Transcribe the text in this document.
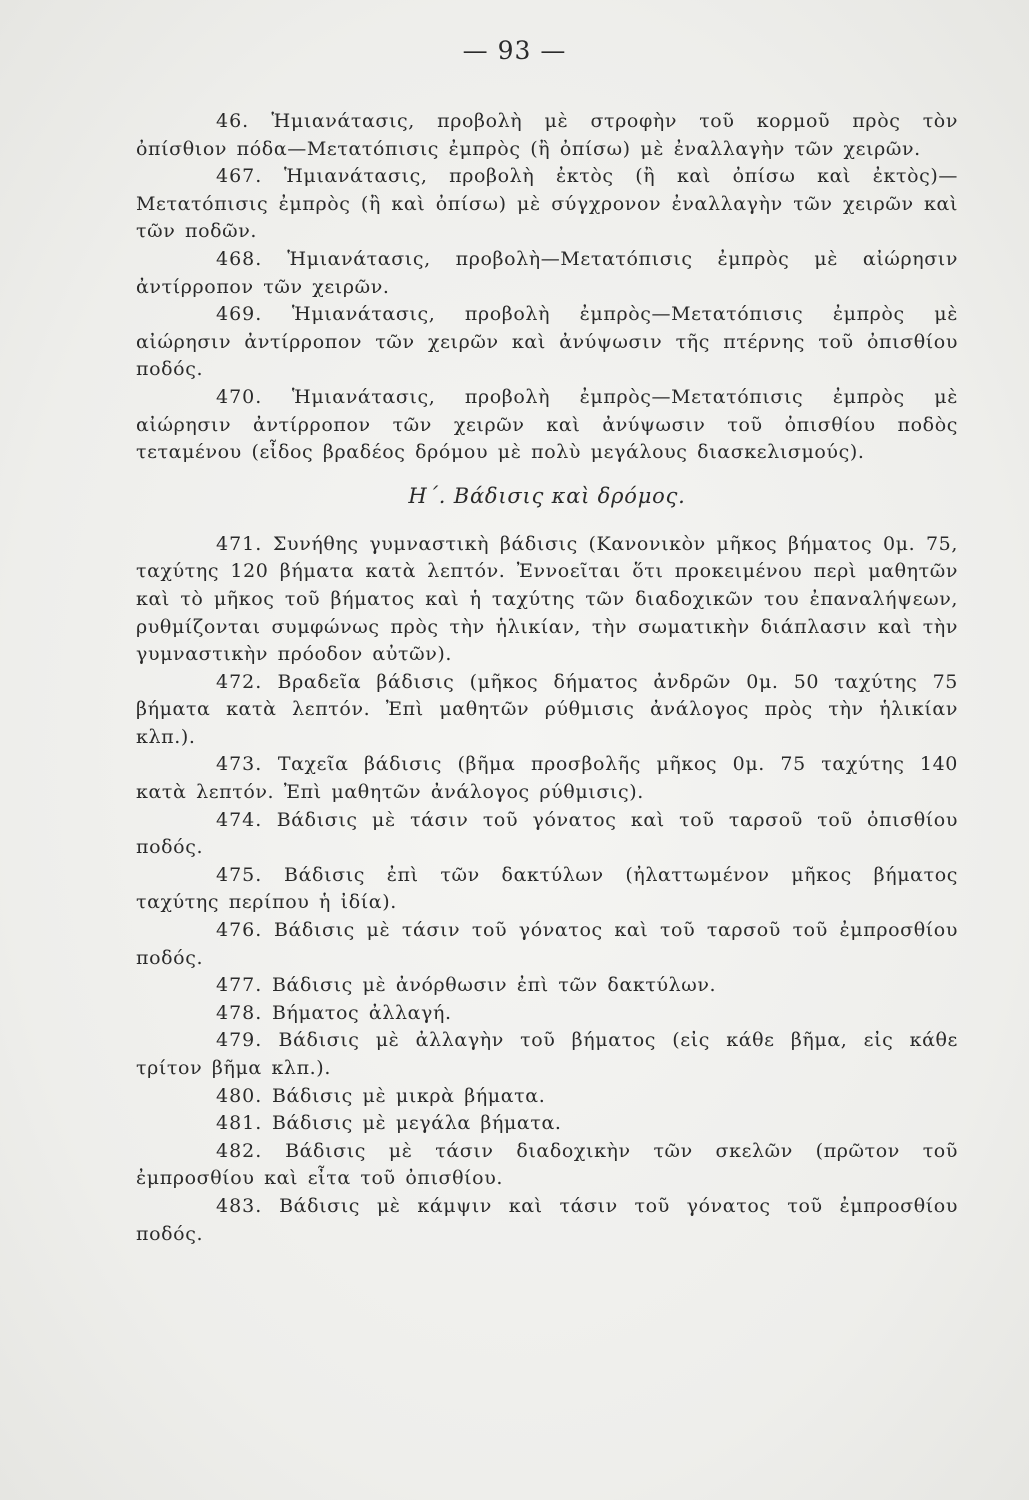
— 93 —

46. Ἡμιανάτασις, προβολὴ μὲ στροφὴν τοῦ κορμοῦ πρὸς τὸν ὀπίσθιον πόδα—Μετατόπισις ἐμπρὸς (ἢ ὀπίσω) μὲ ἐναλλαγὴν τῶν χειρῶν.

467. Ἡμιανάτασις, προβολὴ ἐκτὸς (ἢ καὶ ὀπίσω καὶ ἐκτὸς)—Μετατόπισις ἐμπρὸς (ἢ καὶ ὀπίσω) μὲ σύγχρονον ἐναλλαγὴν τῶν χειρῶν καὶ τῶν ποδῶν.

468. Ἡμιανάτασις, προβολὴ—Μετατόπισις ἐμπρὸς μὲ αἰώρησιν ἀντίρροπον τῶν χειρῶν.

469. Ἡμιανάτασις, προβολὴ ἐμπρὸς—Μετατόπισις ἐμπρὸς μὲ αἰώρησιν ἀντίρροπον τῶν χειρῶν καὶ ἀνύψωσιν τῆς πτέρνης τοῦ ὀπισθίου ποδός.

470. Ἡμιανάτασις, προβολὴ ἐμπρὸς—Μετατόπισις ἐμπρὸς μὲ αἰώρησιν ἀντίρροπον τῶν χειρῶν καὶ ἀνύψωσιν τοῦ ὀπισθίου ποδὸς τεταμένου (εἶδος βραδέος δρόμου μὲ πολὺ μεγάλους διασκελισμούς).

Η΄. Βάδισις καὶ δρόμος.

471. Συνήθης γυμναστικὴ βάδισις (Κανονικὸν μῆκος βήματος 0μ. 75, ταχύτης 120 βήματα κατὰ λεπτόν. Ἐννοεῖται ὅτι προκειμένου περὶ μαθητῶν καὶ τὸ μῆκος τοῦ βήματος καὶ ἡ ταχύτης τῶν διαδοχικῶν του ἐπαναλήψεων, ρυθμίζονται συμφώνως πρὸς τὴν ἡλικίαν, τὴν σωματικὴν διάπλασιν καὶ τὴν γυμναστικὴν πρόοδον αὐτῶν).

472. Βραδεῖα βάδισις (μῆκος δήματος ἀνδρῶν 0μ. 50 ταχύτης 75 βήματα κατὰ λεπτόν. Ἐπὶ μαθητῶν ρύθμισις ἀνάλογος πρὸς τὴν ἡλικίαν κλπ.).

473. Ταχεῖα βάδισις (βῆμα προσβολῆς μῆκος 0μ. 75 ταχύτης 140 κατὰ λεπτόν. Ἐπὶ μαθητῶν ἀνάλογος ρύθμισις).

474. Βάδισις μὲ τάσιν τοῦ γόνατος καὶ τοῦ ταρσοῦ τοῦ ὀπισθίου ποδός.

475. Βάδισις ἐπὶ τῶν δακτύλων (ἠλαττωμένον μῆκος βήματος ταχύτης περίπου ἡ ἰδία).

476. Βάδισις μὲ τάσιν τοῦ γόνατος καὶ τοῦ ταρσοῦ τοῦ ἐμπροσθίου ποδός.

477. Βάδισις μὲ ἀνόρθωσιν ἐπὶ τῶν δακτύλων.

478. Βήματος ἀλλαγή.

479. Βάδισις μὲ ἀλλαγὴν τοῦ βήματος (εἰς κάθε βῆμα, εἰς κάθε τρίτον βῆμα κλπ.).

480. Βάδισις μὲ μικρὰ βήματα.

481. Βάδισις μὲ μεγάλα βήματα.

482. Βάδισις μὲ τάσιν διαδοχικὴν τῶν σκελῶν (πρῶτον τοῦ ἐμπροσθίου καὶ εἶτα τοῦ ὀπισθίου.

483. Βάδισις μὲ κάμψιν καὶ τάσιν τοῦ γόνατος τοῦ ἐμπροσθίου ποδός.
